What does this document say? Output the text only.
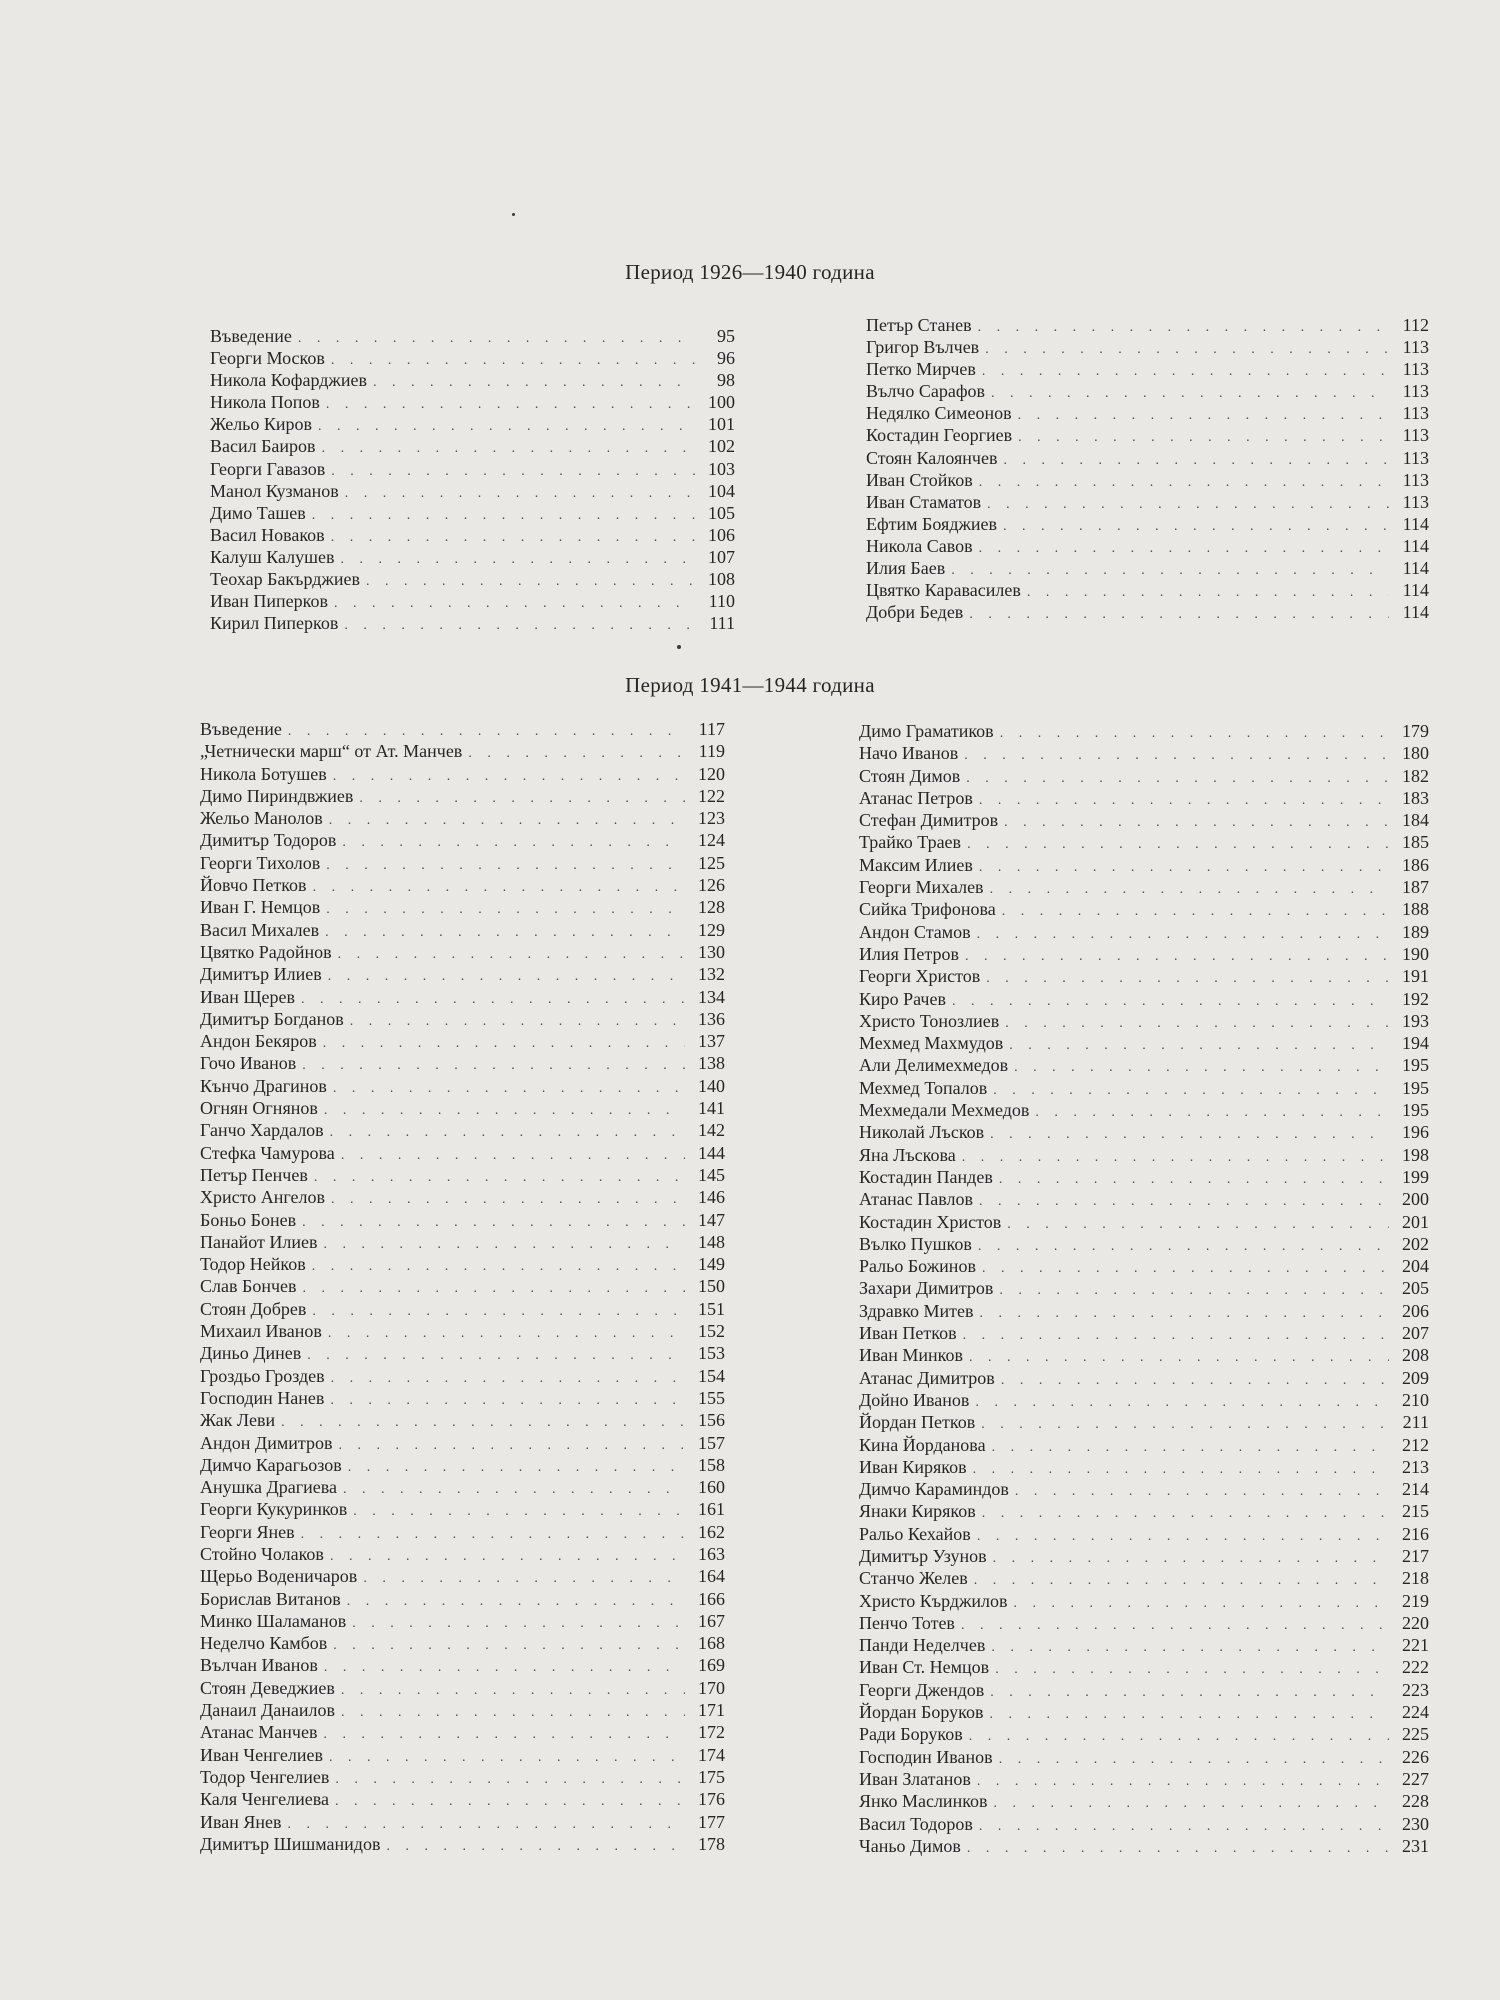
Период 1926—1940 година
Въведение . . .	95
Георги Москов . . .	96
Никола Кофарджиев . . .	98
Никола Попов . . .	100
Жельо Киров . . .	101
Васил Баиров . . .	102
Георги Гавазов . . .	103
Манол Кузманов . . .	104
Димо Ташев . . .	105
Васил Новаков . . .	106
Калуш Калушев . . .	107
Теохар Бакърджиев . . .	108
Иван Пиперков . . .	110
Кирил Пиперков . . .	111
Петър Станев . . .	112
Григор Вълчев . . .	113
Петко Мирчев . . .	113
Вълчо Сарафов . . .	113
Недялко Симеонов . . .	113
Костадин Георгиев . . .	113
Стоян Калоянчев . . .	113
Иван Стойков . . .	113
Иван Стаматов . . .	113
Ефтим Бояджиев . . .	114
Никола Савов . . .	114
Илия Баев . . .	114
Цвятко Каравасилев . . .	114
Добри Бедев . . .	114
Период 1941—1944 година
Въведение . . .	117
„Четнически марш“ от Ат. Манчев . . .	119
Никола Ботушев . . .	120
Димо Пириндвжиев . . .	122
Жельо Манолов . . .	123
Димитър Тодоров . . .	124
Георги Тихолов . . .	125
Йовчо Петков . . .	126
Иван Г. Немцов . . .	128
Васил Михалев . . .	129
Цвятко Радойнов . . .	130
Димитър Илиев . . .	132
Иван Щерев . . .	134
Димитър Богданов . . .	136
Андон Бекяров . . .	137
Гочо Иванов . . .	138
Кънчо Драгинов . . .	140
Огнян Огнянов . . .	141
Ганчо Хардалов . . .	142
Стефка Чамурова . . .	144
Петър Пенчев . . .	145
Христо Ангелов . . .	146
Боньо Бонев . . .	147
Панайот Илиев . . .	148
Тодор Нейков . . .	149
Слав Бончев . . .	150
Стоян Добрев . . .	151
Михаил Иванов . . .	152
Диньо Динев . . .	153
Гроздьо Гроздев . . .	154
Господин Нанев . . .	155
Жак Леви . . .	156
Андон Димитров . . .	157
Димчо Карагьозов . . .	158
Анушка Драгиева . . .	160
Георги Кукуринков . . .	161
Георги Янев . . .	162
Стойно Чолаков . . .	163
Щерьо Воденичаров . . .	164
Борислав Витанов . . .	166
Минко Шаламанов . . .	167
Неделчо Камбов . . .	168
Вълчан Иванов . . .	169
Стоян Деведжиев . . .	170
Данаил Данаилов . . .	171
Атанас Манчев . . .	172
Иван Ченгелиев . . .	174
Тодор Ченгелиев . . .	175
Каля Ченгелиева . . .	176
Иван Янев . . .	177
Димитър Шишманидов . . .	178
Димо Граматиков . . .	179
Начо Иванов . . .	180
Стоян Димов . . .	182
Атанас Петров . . .	183
Стефан Димитров . . .	184
Трайко Траев . . .	185
Максим Илиев . . .	186
Георги Михалев . . .	187
Сийка Трифонова . . .	188
Андон Стамов . . .	189
Илия Петров . . .	190
Георги Христов . . .	191
Киро Рачев . . .	192
Христо Тонозлиев . . .	193
Мехмед Махмудов . . .	194
Али Делимехмедов . . .	195
Мехмед Топалов . . .	195
Мехмедали Мехмедов . . .	195
Николай Лъсков . . .	196
Яна Лъскова . . .	198
Костадин Пандев . . .	199
Атанас Павлов . . .	200
Костадин Христов . . .	201
Вълко Пушков . . .	202
Ральо Божинов . . .	204
Захари Димитров . . .	205
Здравко Митев . . .	206
Иван Петков . . .	207
Иван Минков . . .	208
Атанас Димитров . . .	209
Дойно Иванов . . .	210
Йордан Петков . . .	211
Кина Йорданова . . .	212
Иван Киряков . . .	213
Димчо Караминдов . . .	214
Янаки Киряков . . .	215
Ральо Кехайов . . .	216
Димитър Узунов . . .	217
Станчо Желев . . .	218
Христо Кърджилов . . .	219
Пенчо Тотев . . .	220
Панди Неделчев . . .	221
Иван Ст. Немцов . . .	222
Георги Джендов . . .	223
Йордан Боруков . . .	224
Ради Боруков . . .	225
Господин Иванов . . .	226
Иван Златанов . . .	227
Янко Маслинков . . .	228
Васил Тодоров . . .	230
Чаньо Димов . . .	231
